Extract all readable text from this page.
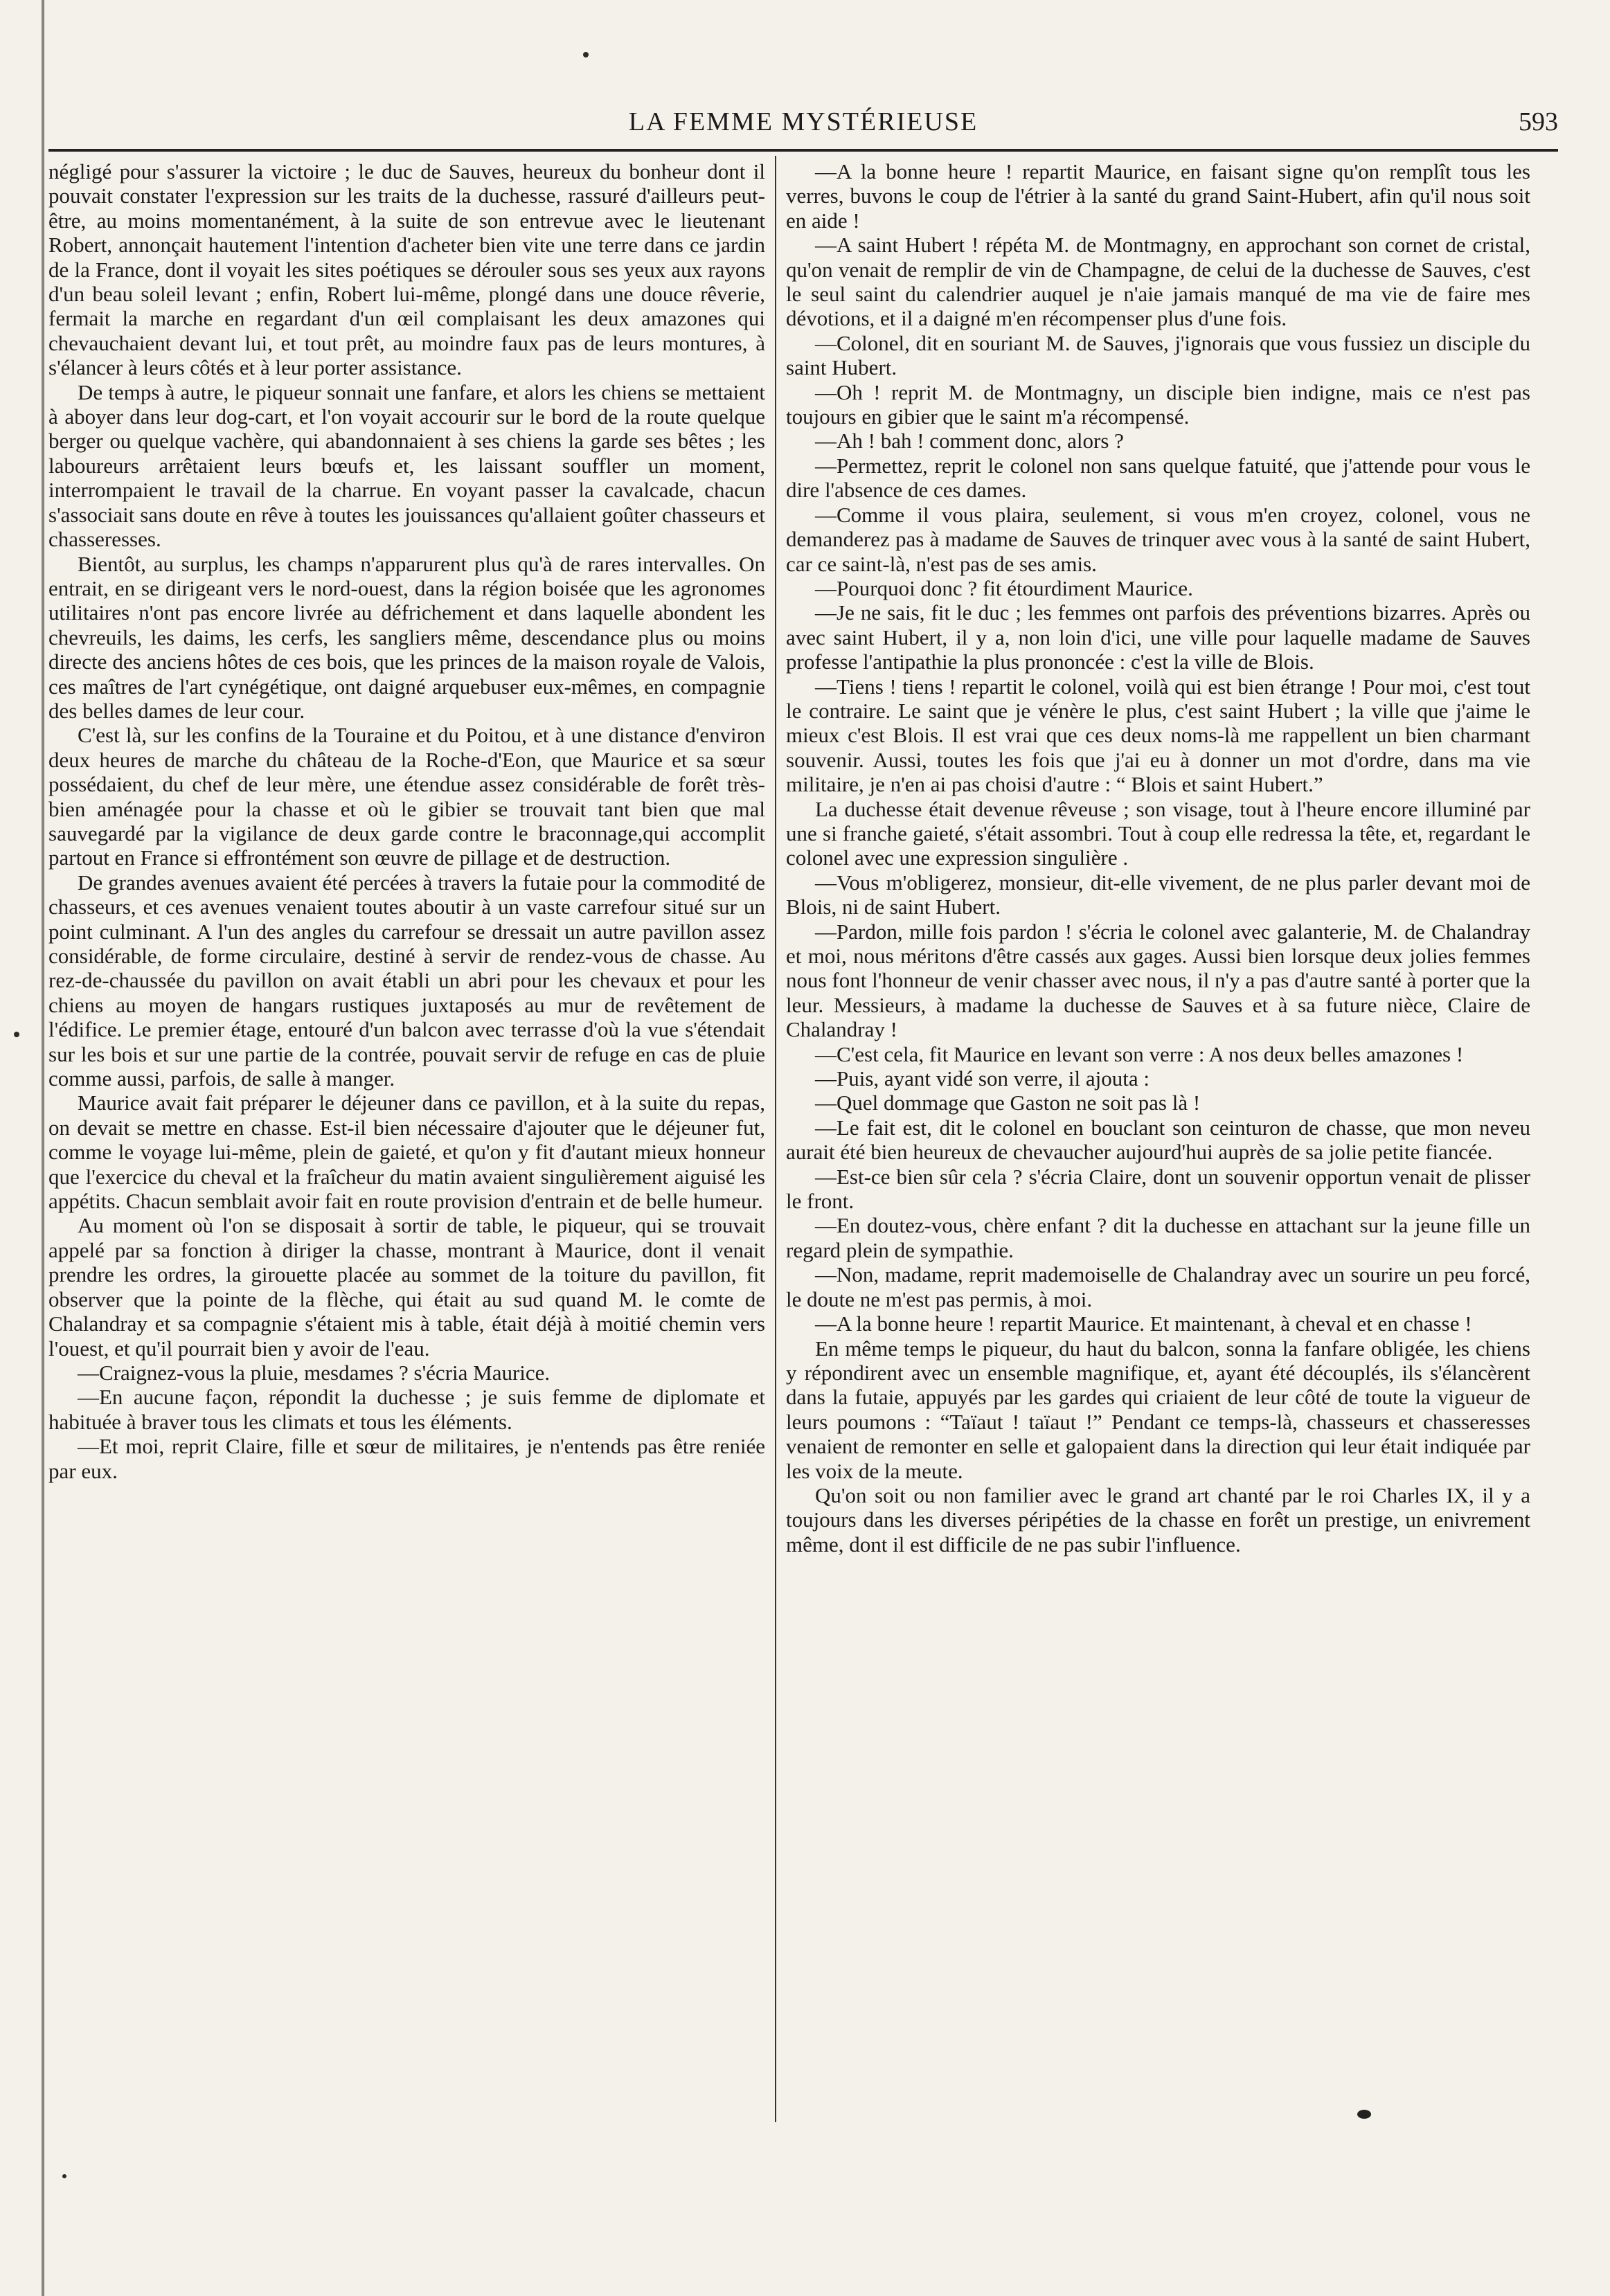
LA FEMME MYSTÉRIEUSE	593

négligé pour s'assurer la victoire ; le duc de Sauves, heureux du bonheur dont il pouvait constater l'expression sur les traits de la duchesse, rassuré d'ailleurs peut-être, au moins momentanément, à la suite de son entrevue avec le lieutenant Robert, annonçait hautement l'intention d'acheter bien vite une terre dans ce jardin de la France, dont il voyait les sites poétiques se dérouler sous ses yeux aux rayons d'un beau soleil levant ; enfin, Robert lui-même, plongé dans une douce rêverie, fermait la marche en regardant d'un œil complaisant les deux amazones qui chevauchaient devant lui, et tout prêt, au moindre faux pas de leurs montures, à s'élancer à leurs côtés et à leur porter assistance.

De temps à autre, le piqueur sonnait une fanfare, et alors les chiens se mettaient à aboyer dans leur dog-cart, et l'on voyait accourir sur le bord de la route quelque berger ou quelque vachère, qui abandonnaient à ses chiens la garde ses bêtes ; les laboureurs arrêtaient leurs bœufs et, les laissant souffler un moment, interrompaient le travail de la charrue. En voyant passer la cavalcade, chacun s'associait sans doute en rêve à toutes les jouissances qu'allaient goûter chasseurs et chasseresses.

Bientôt, au surplus, les champs n'apparurent plus qu'à de rares intervalles. On entrait, en se dirigeant vers le nord-ouest, dans la région boisée que les agronomes utilitaires n'ont pas encore livrée au défrichement et dans laquelle abondent les chevreuils, les daims, les cerfs, les sangliers même, descendance plus ou moins directe des anciens hôtes de ces bois, que les princes de la maison royale de Valois, ces maîtres de l'art cynégétique, ont daigné arquebuser eux-mêmes, en compagnie des belles dames de leur cour.

C'est là, sur les confins de la Touraine et du Poitou, et à une distance d'environ deux heures de marche du château de la Roche-d'Eon, que Maurice et sa sœur possédaient, du chef de leur mère, une étendue assez considérable de forêt très-bien aménagée pour la chasse et où le gibier se trouvait tant bien que mal sauvegardé par la vigilance de deux garde contre le braconnage,qui accomplit partout en France si effrontément son œuvre de pillage et de destruction.

De grandes avenues avaient été percées à travers la futaie pour la commodité de chasseurs, et ces avenues venaient toutes aboutir à un vaste carrefour situé sur un point culminant. A l'un des angles du carrefour se dressait un autre pavillon assez considérable, de forme circulaire, destiné à servir de rendez-vous de chasse. Au rez-de-chaussée du pavillon on avait établi un abri pour les chevaux et pour les chiens au moyen de hangars rustiques juxtaposés au mur de revêtement de l'édifice. Le premier étage, entouré d'un balcon avec terrasse d'où la vue s'étendait sur les bois et sur une partie de la contrée, pouvait servir de refuge en cas de pluie comme aussi, parfois, de salle à manger.

Maurice avait fait préparer le déjeuner dans ce pavillon, et à la suite du repas, on devait se mettre en chasse. Est-il bien nécessaire d'ajouter que le déjeuner fut, comme le voyage lui-même, plein de gaieté, et qu'on y fit d'autant mieux honneur que l'exercice du cheval et la fraîcheur du matin avaient singulièrement aiguisé les appétits. Chacun semblait avoir fait en route provision d'entrain et de belle humeur.

Au moment où l'on se disposait à sortir de table, le piqueur, qui se trouvait appelé par sa fonction à diriger la chasse, montrant à Maurice, dont il venait prendre les ordres, la girouette placée au sommet de la toiture du pavillon, fit observer que la pointe de la flèche, qui était au sud quand M. le comte de Chalandray et sa compagnie s'étaient mis à table, était déjà à moitié chemin vers l'ouest, et qu'il pourrait bien y avoir de l'eau.

—Craignez-vous la pluie, mesdames ? s'écria Maurice.

—En aucune façon, répondit la duchesse ; je suis femme de diplomate et habituée à braver tous les climats et tous les éléments.

—Et moi, reprit Claire, fille et sœur de militaires, je n'entends pas être reniée par eux.

—A la bonne heure ! repartit Maurice, en faisant signe qu'on remplît tous les verres, buvons le coup de l'étrier à la santé du grand Saint-Hubert, afin qu'il nous soit en aide !

—A saint Hubert ! répéta M. de Montmagny, en approchant son cornet de cristal, qu'on venait de remplir de vin de Champagne, de celui de la duchesse de Sauves, c'est le seul saint du calendrier auquel je n'aie jamais manqué de ma vie de faire mes dévotions, et il a daigné m'en récompenser plus d'une fois.

—Colonel, dit en souriant M. de Sauves, j'ignorais que vous fussiez un disciple du saint Hubert.

—Oh ! reprit M. de Montmagny, un disciple bien indigne, mais ce n'est pas toujours en gibier que le saint m'a récompensé.

—Ah ! bah ! comment donc, alors ?

—Permettez, reprit le colonel non sans quelque fatuité, que j'attende pour vous le dire l'absence de ces dames.

—Comme il vous plaira, seulement, si vous m'en croyez, colonel, vous ne demanderez pas à madame de Sauves de trinquer avec vous à la santé de saint Hubert, car ce saint-là, n'est pas de ses amis.

—Pourquoi donc ? fit étourdiment Maurice.

—Je ne sais, fit le duc ; les femmes ont parfois des préventions bizarres. Après ou avec saint Hubert, il y a, non loin d'ici, une ville pour laquelle madame de Sauves professe l'antipathie la plus prononcée : c'est la ville de Blois.

—Tiens ! tiens ! repartit le colonel, voilà qui est bien étrange ! Pour moi, c'est tout le contraire. Le saint que je vénère le plus, c'est saint Hubert ; la ville que j'aime le mieux c'est Blois. Il est vrai que ces deux noms-là me rappellent un bien charmant souvenir. Aussi, toutes les fois que j'ai eu à donner un mot d'ordre, dans ma vie militaire, je n'en ai pas choisi d'autre : “ Blois et saint Hubert.”

La duchesse était devenue rêveuse ; son visage, tout à l'heure encore illuminé par une si franche gaieté, s'était assombri. Tout à coup elle redressa la tête, et, regardant le colonel avec une expression singulière .

—Vous m'obligerez, monsieur, dit-elle vivement, de ne plus parler devant moi de Blois, ni de saint Hubert.

—Pardon, mille fois pardon ! s'écria le colonel avec galanterie, M. de Chalandray et moi, nous méritons d'être cassés aux gages. Aussi bien lorsque deux jolies femmes nous font l'honneur de venir chasser avec nous, il n'y a pas d'autre santé à porter que la leur. Messieurs, à madame la duchesse de Sauves et à sa future nièce, Claire de Chalandray !

—C'est cela, fit Maurice en levant son verre : A nos deux belles amazones !

—Puis, ayant vidé son verre, il ajouta :

—Quel dommage que Gaston ne soit pas là !

—Le fait est, dit le colonel en bouclant son ceinturon de chasse, que mon neveu aurait été bien heureux de chevaucher aujourd'hui auprès de sa jolie petite fiancée.

—Est-ce bien sûr cela ? s'écria Claire, dont un souvenir opportun venait de plisser le front.

—En doutez-vous, chère enfant ? dit la duchesse en attachant sur la jeune fille un regard plein de sympathie.

—Non, madame, reprit mademoiselle de Chalandray avec un sourire un peu forcé, le doute ne m'est pas permis, à moi.

—A la bonne heure ! repartit Maurice. Et maintenant, à cheval et en chasse !

En même temps le piqueur, du haut du balcon, sonna la fanfare obligée, les chiens y répondirent avec un ensemble magnifique, et, ayant été découplés, ils s'élancèrent dans la futaie, appuyés par les gardes qui criaient de leur côté de toute la vigueur de leurs poumons : “Taïaut ! taïaut !” Pendant ce temps-là, chasseurs et chasseresses venaient de remonter en selle et galopaient dans la direction qui leur était indiquée par les voix de la meute.

Qu'on soit ou non familier avec le grand art chanté par le roi Charles IX, il y a toujours dans les diverses péripéties de la chasse en forêt un prestige, un enivrement même, dont il est difficile de ne pas subir l'influence.
